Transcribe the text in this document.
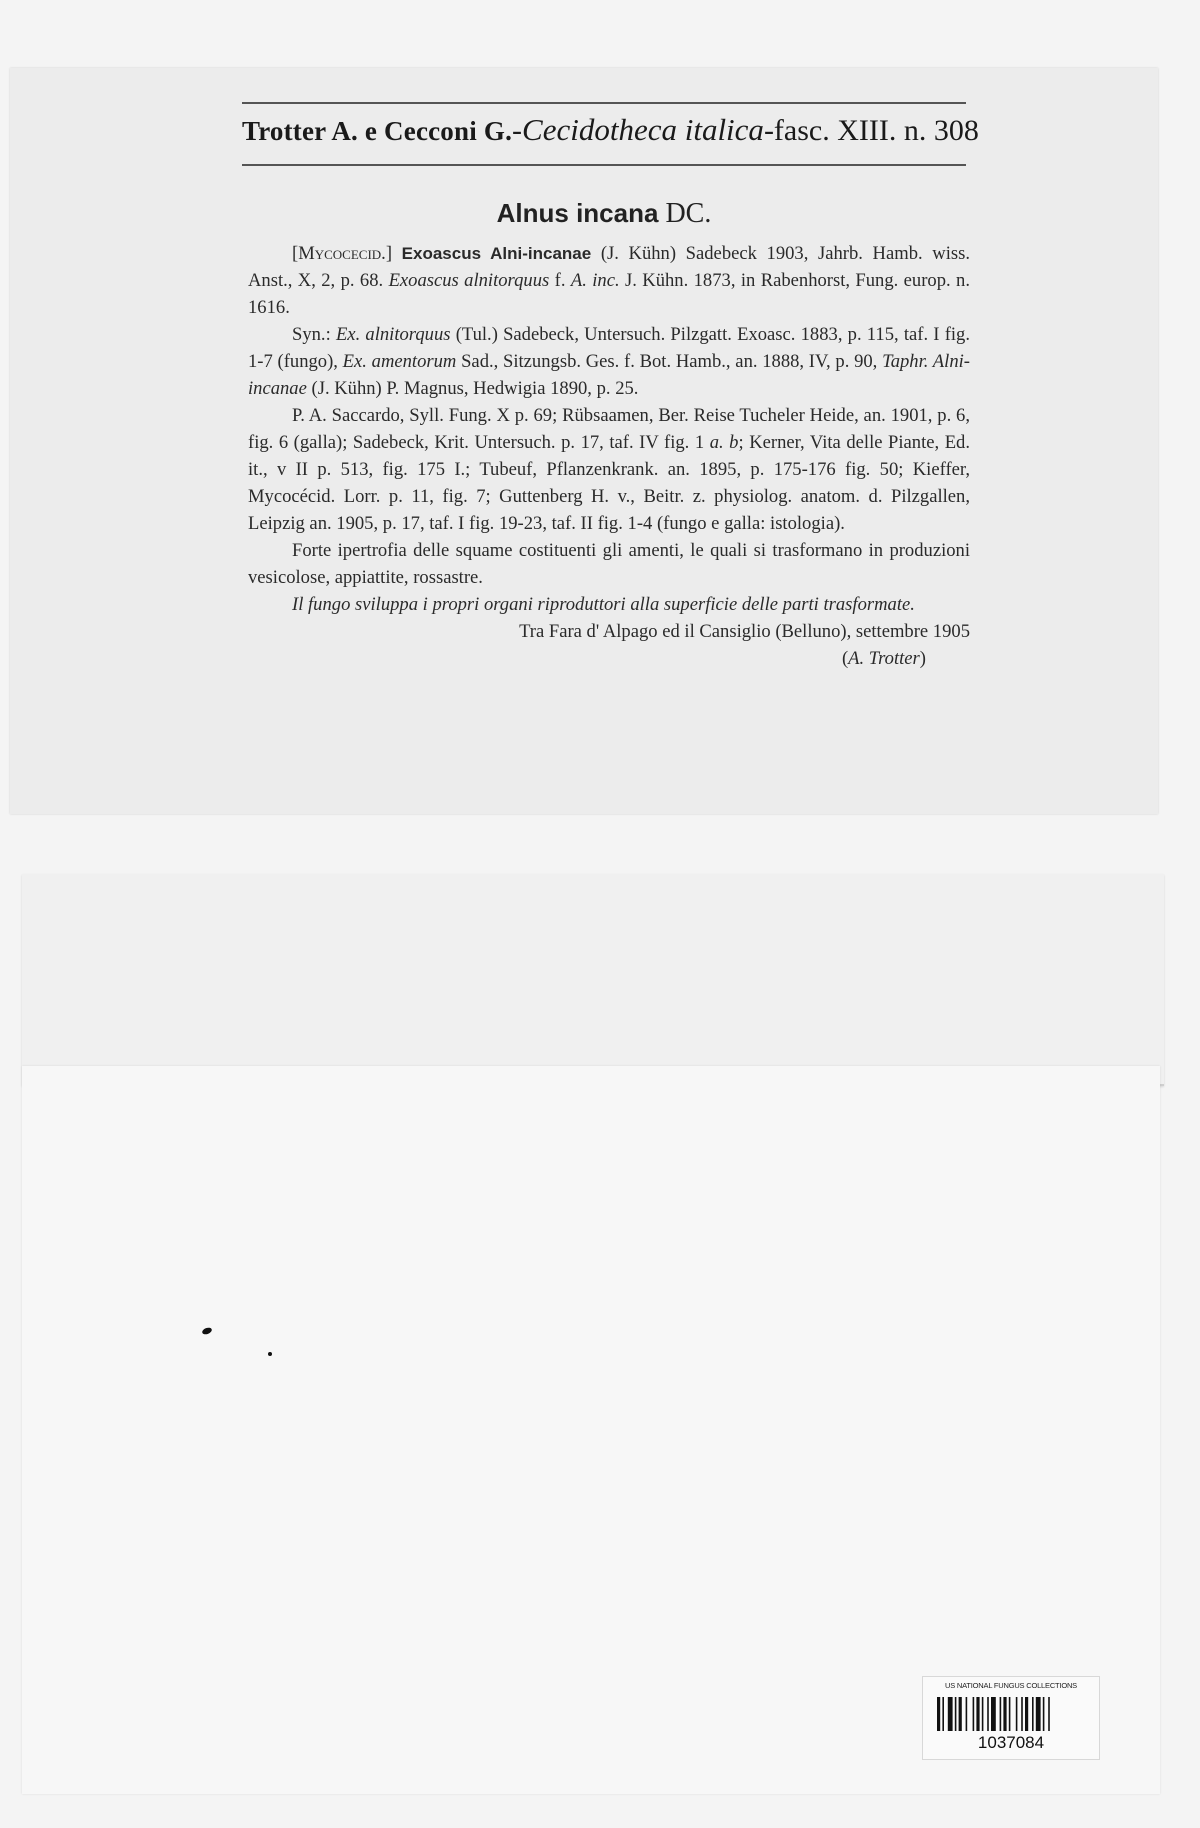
Trotter A. e Cecconi G.-Cecidotheca italica-fasc. XIII. n. 308
Alnus incana DC.

[Mycocecid.] Exoascus Alni-incanae (J. Kühn) Sadebeck 1903, Jahrb. Hamb. wiss. Anst., X, 2, p. 68. Exoascus alnitorquus f. A. inc. J. Kühn. 1873, in Rabenhorst, Fung. europ. n. 1616.

Syn.: Ex. alnitorquus (Tul.) Sadebeck, Untersuch. Pilzgatt. Exoasc. 1883, p. 115, taf. I fig. 1-7 (fungo), Ex. amentorum Sad., Sitzungsb. Ges. f. Bot. Hamb., an. 1888, IV, p. 90, Taphr. Alni-incanae (J. Kühn) P. Magnus, Hedwigia 1890, p. 25.

P. A. Saccardo, Syll. Fung. X p. 69; Rübsaamen, Ber. Reise Tucheler Heide, an. 1901, p. 6, fig. 6 (galla); Sadebeck, Krit. Untersuch. p. 17, taf. IV fig. 1 a. b; Kerner, Vita delle Piante, Ed. it., v II p. 513, fig. 175 I.; Tubeuf, Pflanzenkrank. an. 1895, p. 175-176 fig. 50; Kieffer, Mycocécid. Lorr. p. 11, fig. 7; Guttenberg H. v., Beitr. z. physiolog. anatom. d. Pilzgallen, Leipzig an. 1905, p. 17, taf. I fig. 19-23, taf. II fig. 1-4 (fungo e galla: istologia).

Forte ipertrofia delle squame costituenti gli amenti, le quali si trasformano in produzioni vesicolose, appiattite, rossastre.

Il fungo sviluppa i propri organi riproduttori alla superficie delle parti trasformate.

Tra Fara d' Alpago ed il Cansiglio (Belluno), settembre 1905

(A. Trotter)

US NATIONAL FUNGUS COLLECTIONS
1037084
